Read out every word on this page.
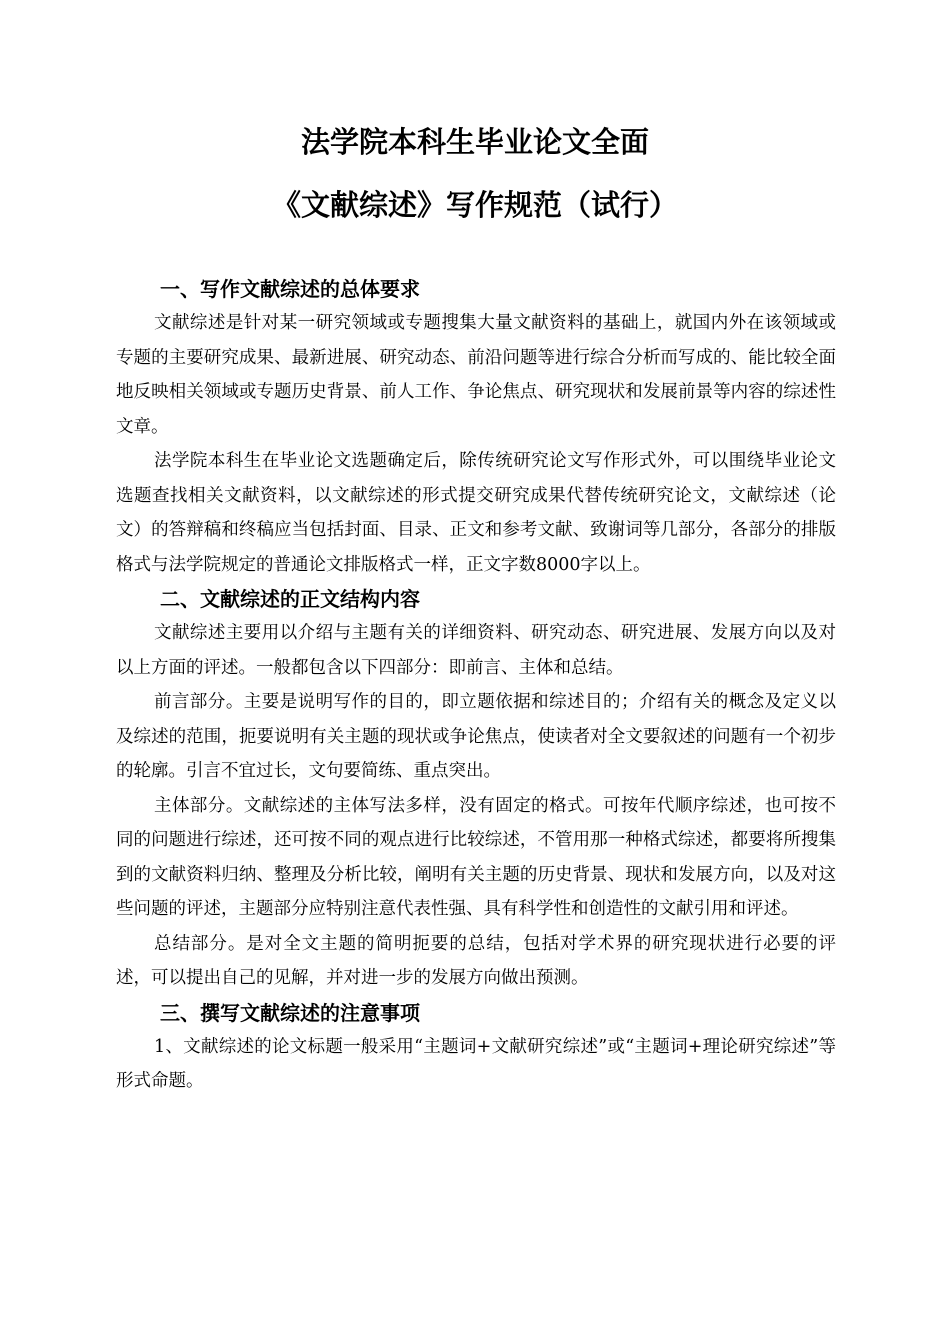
法学院本科生毕业论文全面
《文献综述》写作规范（试行）
一、写作文献综述的总体要求

文献综述是针对某一研究领域或专题搜集大量文献资料的基础上，就国内外在该领域或专题的主要研究成果、最新进展、研究动态、前沿问题等进行综合分析而写成的、能比较全面地反映相关领域或专题历史背景、前人工作、争论焦点、研究现状和发展前景等内容的综述性文章。

法学院本科生在毕业论文选题确定后，除传统研究论文写作形式外，可以围绕毕业论文选题查找相关文献资料，以文献综述的形式提交研究成果代替传统研究论文，文献综述（论文）的答辩稿和终稿应当包括封面、目录、正文和参考文献、致谢词等几部分，各部分的排版格式与法学院规定的普通论文排版格式一样，正文字数8000字以上。

二、文献综述的正文结构内容

文献综述主要用以介绍与主题有关的详细资料、研究动态、研究进展、发展方向以及对以上方面的评述。一般都包含以下四部分：即前言、主体和总结。

前言部分。主要是说明写作的目的，即立题依据和综述目的；介绍有关的概念及定义以及综述的范围，扼要说明有关主题的现状或争论焦点，使读者对全文要叙述的问题有一个初步的轮廓。引言不宜过长，文句要简练、重点突出。

主体部分。文献综述的主体写法多样，没有固定的格式。可按年代顺序综述，也可按不同的问题进行综述，还可按不同的观点进行比较综述，不管用那一种格式综述，都要将所搜集到的文献资料归纳、整理及分析比较，阐明有关主题的历史背景、现状和发展方向，以及对这些问题的评述，主题部分应特别注意代表性强、具有科学性和创造性的文献引用和评述。

总结部分。是对全文主题的简明扼要的总结，包括对学术界的研究现状进行必要的评述，可以提出自己的见解，并对进一步的发展方向做出预测。

三、撰写文献综述的注意事项

1、文献综述的论文标题一般采用“主题词+文献研究综述”或“主题词+理论研究综述”等形式命题。
